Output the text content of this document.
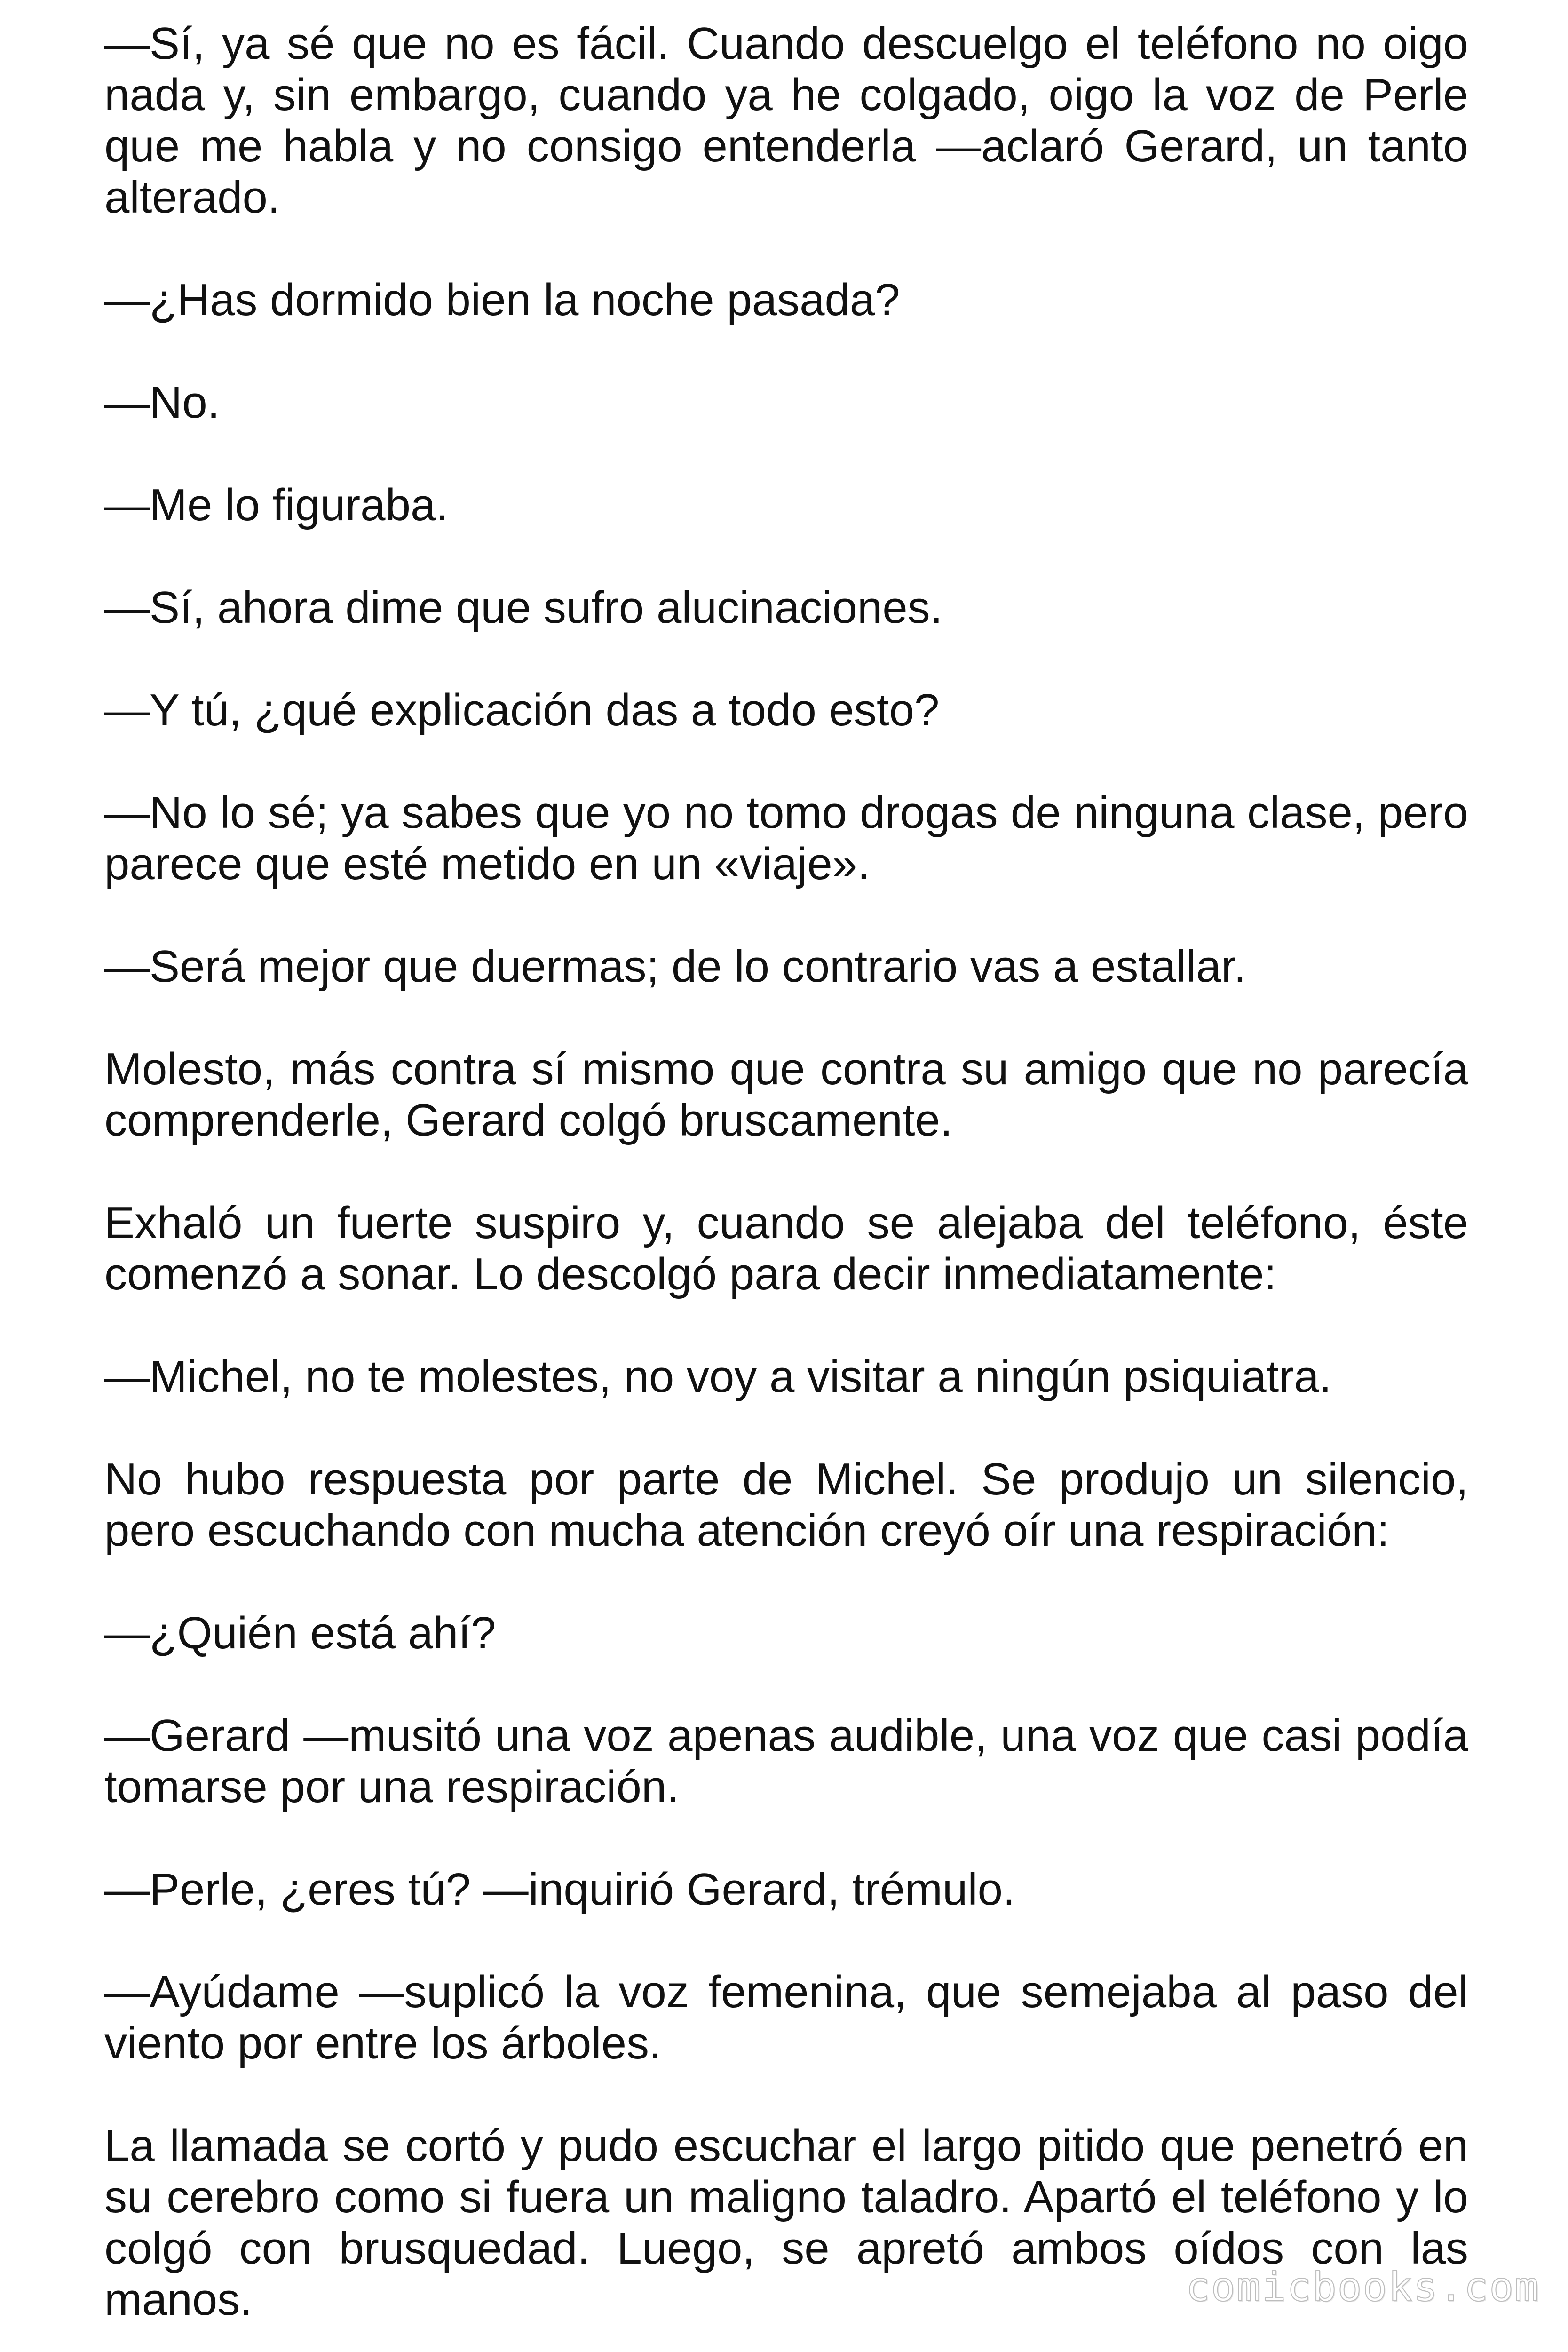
—Sí, ya sé que no es fácil. Cuando descuelgo el teléfono no oigo nada y, sin embargo, cuando ya he colgado, oigo la voz de Perle que me habla y no consigo entenderla —aclaró Gerard, un tanto alterado.

—¿Has dormido bien la noche pasada?

—No.

—Me lo figuraba.

—Sí, ahora dime que sufro alucinaciones.

—Y tú, ¿qué explicación das a todo esto?

—No lo sé; ya sabes que yo no tomo drogas de ninguna clase, pero parece que esté metido en un «viaje».

—Será mejor que duermas; de lo contrario vas a estallar.

Molesto, más contra sí mismo que contra su amigo que no parecía comprenderle, Gerard colgó bruscamente.

Exhaló un fuerte suspiro y, cuando se alejaba del teléfono, éste comenzó a sonar. Lo descolgó para decir inmediatamente:

—Michel, no te molestes, no voy a visitar a ningún psiquiatra.

No hubo respuesta por parte de Michel. Se produjo un silencio, pero escuchando con mucha atención creyó oír una respiración:

—¿Quién está ahí?

—Gerard —musitó una voz apenas audible, una voz que casi podía tomarse por una respiración.

—Perle, ¿eres tú? —inquirió Gerard, trémulo.

—Ayúdame —suplicó la voz femenina, que semejaba al paso del viento por entre los árboles.

La llamada se cortó y pudo escuchar el largo pitido que penetró en su cerebro como si fuera un maligno taladro. Apartó el teléfono y lo colgó con brusquedad. Luego, se apretó ambos oídos con las manos.	comicbooks.com
